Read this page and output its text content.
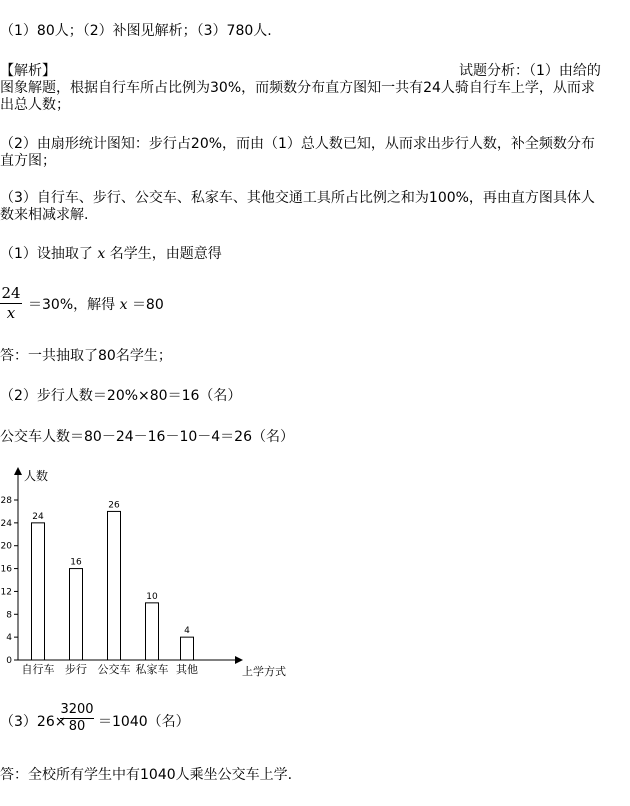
（1）80人；（2）补图见解析；（3）780人.
【解析】	试题分析：（1）由给的
图象解题，根据自行车所占比例为30%，而频数分布直方图知一共有24人骑自行车上学，从而求
出总人数；
（2）由扇形统计图知：步行占20%，而由（1）总人数已知，从而求出步行人数，补全频数分布
直方图；
（3）自行车、步行、公交车、私家车、其他交通工具所占比例之和为100%，再由直方图具体人
数来相减求解.
（1）设抽取了 x 名学生，由题意得
24
x ＝30%，解得 x ＝80
答：一共抽取了80名学生；
（2）步行人数＝20%×80＝16（名）
公交车人数＝80－24－16－10－4＝26（名）
人数
上学方式
0
4
8
12
16
20
24
28
24
自行车
16
步行
26
公交车
10
私家车
4
其他
（3）26×
3200
80 ＝1040（名）
答：全校所有学生中有1040人乘坐公交车上学.
